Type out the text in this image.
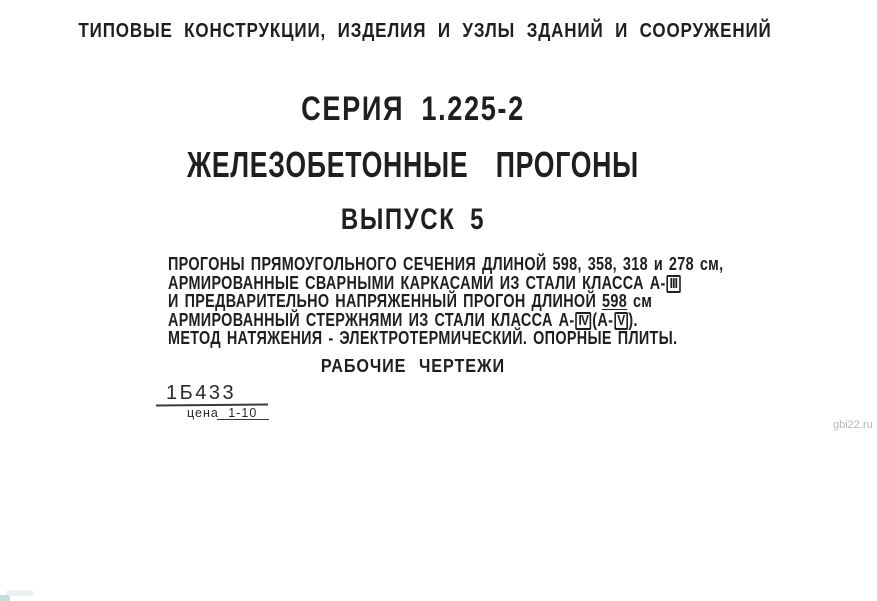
ТИПОВЫЕ КОНСТРУКЦИИ, ИЗДЕЛИЯ И УЗЛЫ ЗДАНИЙ И СООРУЖЕНИЙ
СЕРИЯ 1.225-2
ЖЕЛЕЗОБЕТОННЫЕ ПРОГОНЫ
ВЫПУСК 5
ПРОГОНЫ ПРЯМОУГОЛЬНОГО СЕЧЕНИЯ ДЛИНОЙ 598, 358, 318 и 278 см,
АРМИРОВАННЫЕ СВАРНЫМИ КАРКАСАМИ ИЗ СТАЛИ КЛАССА А- III
И ПРЕДВАРИТЕЛЬНО НАПРЯЖЕННЫЙ ПРОГОН ДЛИНОЙ 598 см
АРМИРОВАННЫЙ СТЕРЖНЯМИ ИЗ СТАЛИ КЛАССА А- IV (А- V ).
МЕТОД НАТЯЖЕНИЯ - ЭЛЕКТРОТЕРМИЧЕСКИЙ. ОПОРНЫЕ ПЛИТЫ.
РАБОЧИЕ ЧЕРТЕЖИ
1Б433
цена 1-10
gbi22.ru
